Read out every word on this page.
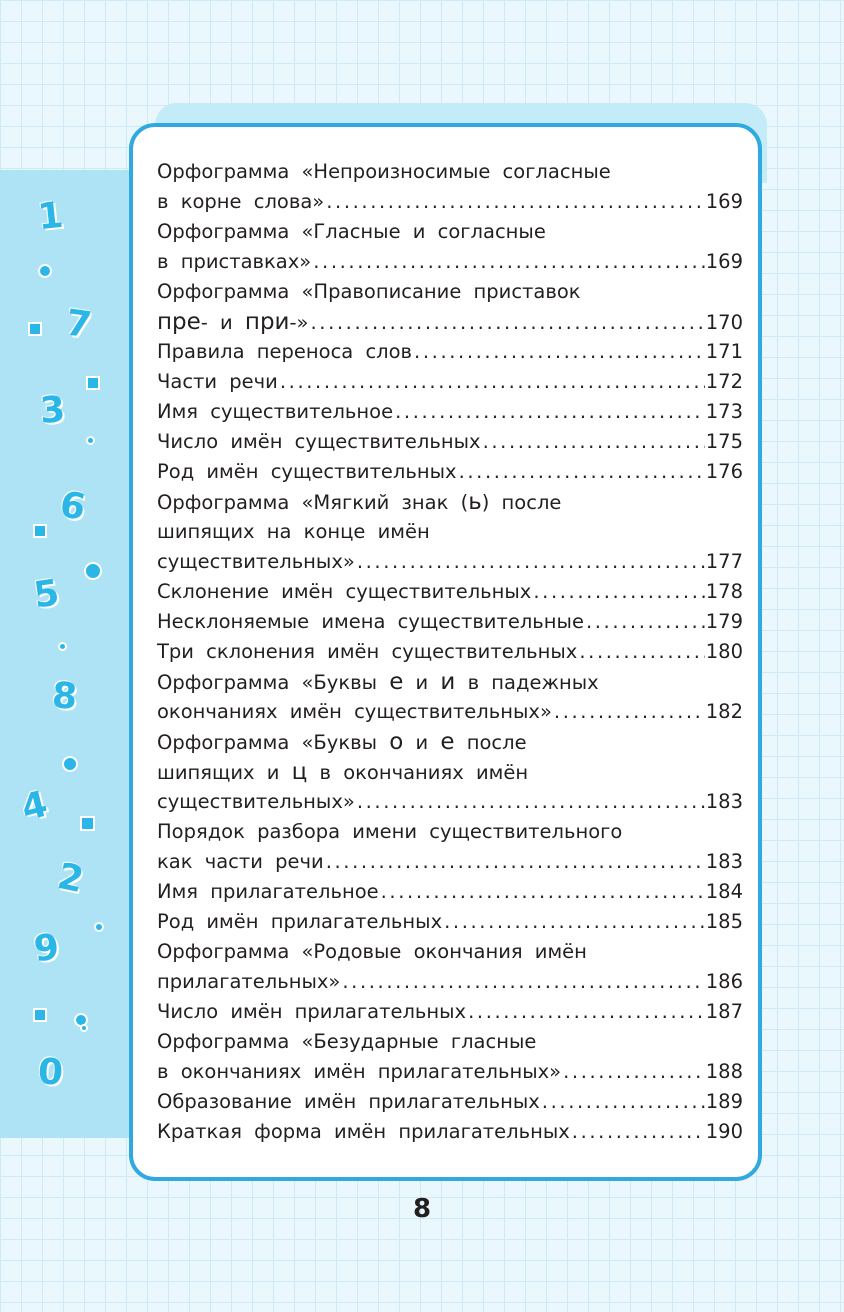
1
7
3
6
5
8
4
2
9
0
Орфограмма «Непроизносимые согласные
в корне слова» .....	169
Орфограмма «Гласные и согласные
в приставках» .....	169
Орфограмма «Правописание приставок
пре- и при-» .....	170
Правила переноса слов .....	171
Части речи .....	172
Имя существительное .....	173
Число имён существительных .....	175
Род имён существительных .....	176
Орфограмма «Мягкий знак (ь) после
шипящих на конце имён
существительных» .....	177
Склонение имён существительных .....	178
Несклоняемые имена существительные .....	179
Три склонения имён существительных .....	180
Орфограмма «Буквы е и и в падежных
окончаниях имён существительных» .....	182
Орфограмма «Буквы о и е после
шипящих и ц в окончаниях имён
существительных» .....	183
Порядок разбора имени существительного
как части речи .....	183
Имя прилагательное .....	184
Род имён прилагательных .....	185
Орфограмма «Родовые окончания имён
прилагательных» .....	186
Число имён прилагательных .....	187
Орфограмма «Безударные гласные
в окончаниях имён прилагательных» .....	188
Образование имён прилагательных .....	189
Краткая форма имён прилагательных .....	190
8
